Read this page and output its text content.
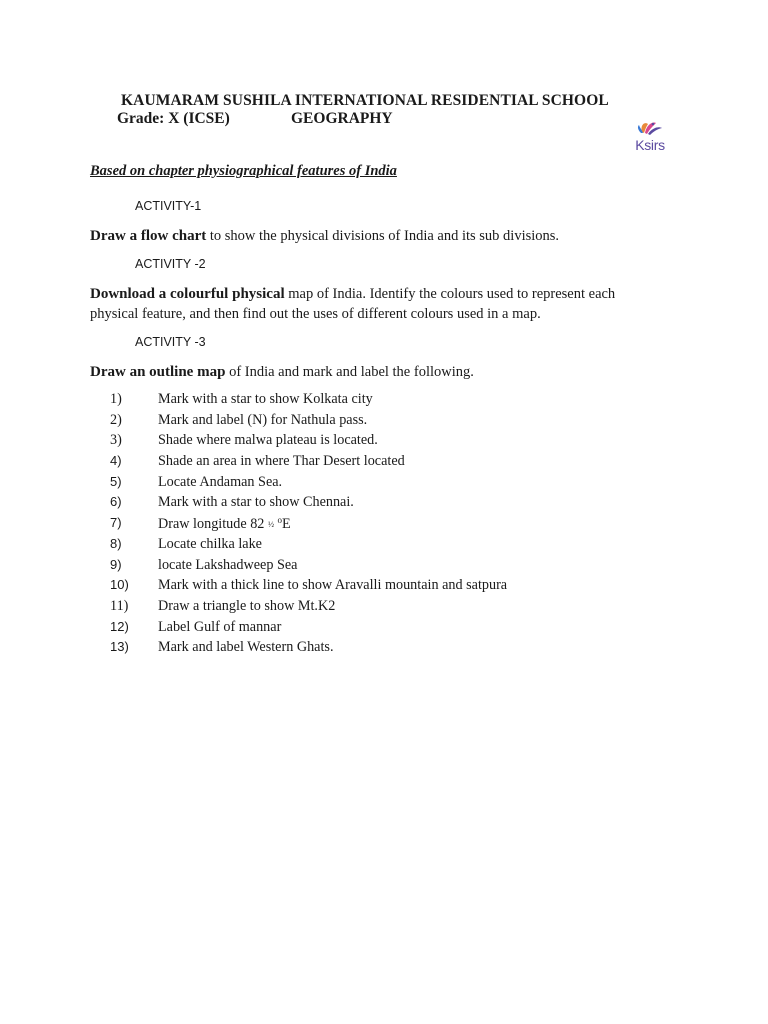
KAUMARAM SUSHILA INTERNATIONAL RESIDENTIAL SCHOOL
Grade: X (ICSE)	GEOGRAPHY
Ksirs
Based on chapter physiographical features of India
ACTIVITY-1
Draw a flow chart to show the physical divisions of India and its sub divisions.
ACTIVITY -2
Download a colourful physical map of India. Identify the colours used to represent each
physical feature, and then find out the uses of different colours used in a map.
ACTIVITY -3
Draw an outline map of India and mark and label the following.
1)	Mark with a star to show Kolkata city
2)	Mark and label (N) for Nathula pass.
3)	Shade where malwa plateau is located.
4)	Shade an area in where Thar Desert located
5)	Locate Andaman Sea.
6)	Mark with a star to show Chennai.
7)	Draw longitude 82 ½ $^o$E
8)	Locate chilka lake
9)	locate Lakshadweep Sea
10)	Mark with a thick line to show Aravalli mountain and satpura
11)	Draw a triangle to show Mt.K2
12)	Label Gulf of mannar
13)	Mark and label Western Ghats.
